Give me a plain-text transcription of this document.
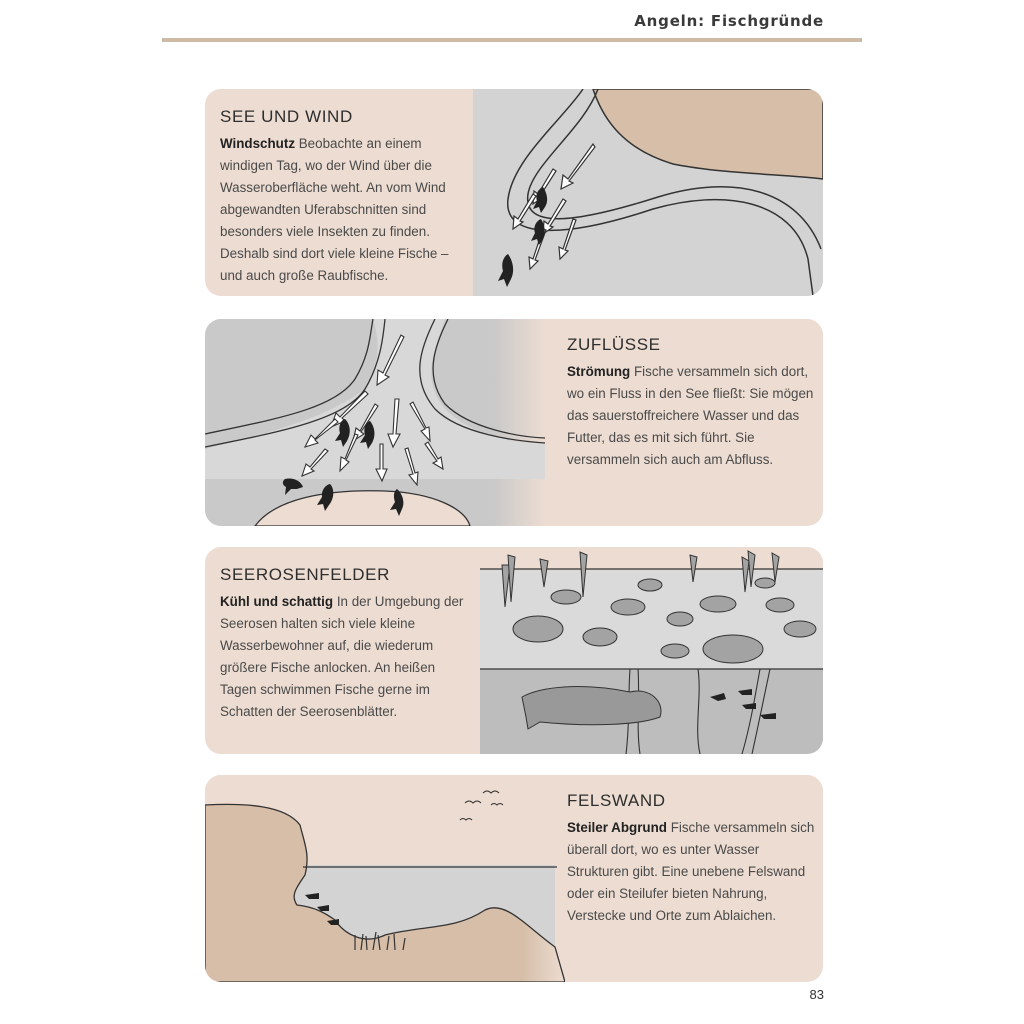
Angeln: Fischgründe
SEE UND WIND
Windschutz Beobachte an einem windigen Tag, wo der Wind über die Wasseroberfläche weht. An vom Wind abgewandten Uferabschnitten sind besonders viele Insekten zu finden. Deshalb sind dort viele kleine Fische – und auch große Raubfische.
ZUFLÜSSE
Strömung Fische versammeln sich dort, wo ein Fluss in den See fließt: Sie mögen das sauerstoffreichere Wasser und das Futter, das es mit sich führt. Sie versammeln sich auch am Abfluss.
SEEROSENFELDER
Kühl und schattig In der Umgebung der Seerosen halten sich viele kleine Wasserbewohner auf, die wiederum größere Fische anlocken. An heißen Tagen schwimmen Fische gerne im Schatten der Seerosenblätter.
FELSWAND
Steiler Abgrund Fische versammeln sich überall dort, wo es unter Wasser Strukturen gibt. Eine unebene Felswand oder ein Steilufer bieten Nahrung, Verstecke und Orte zum Ablaichen.
83
